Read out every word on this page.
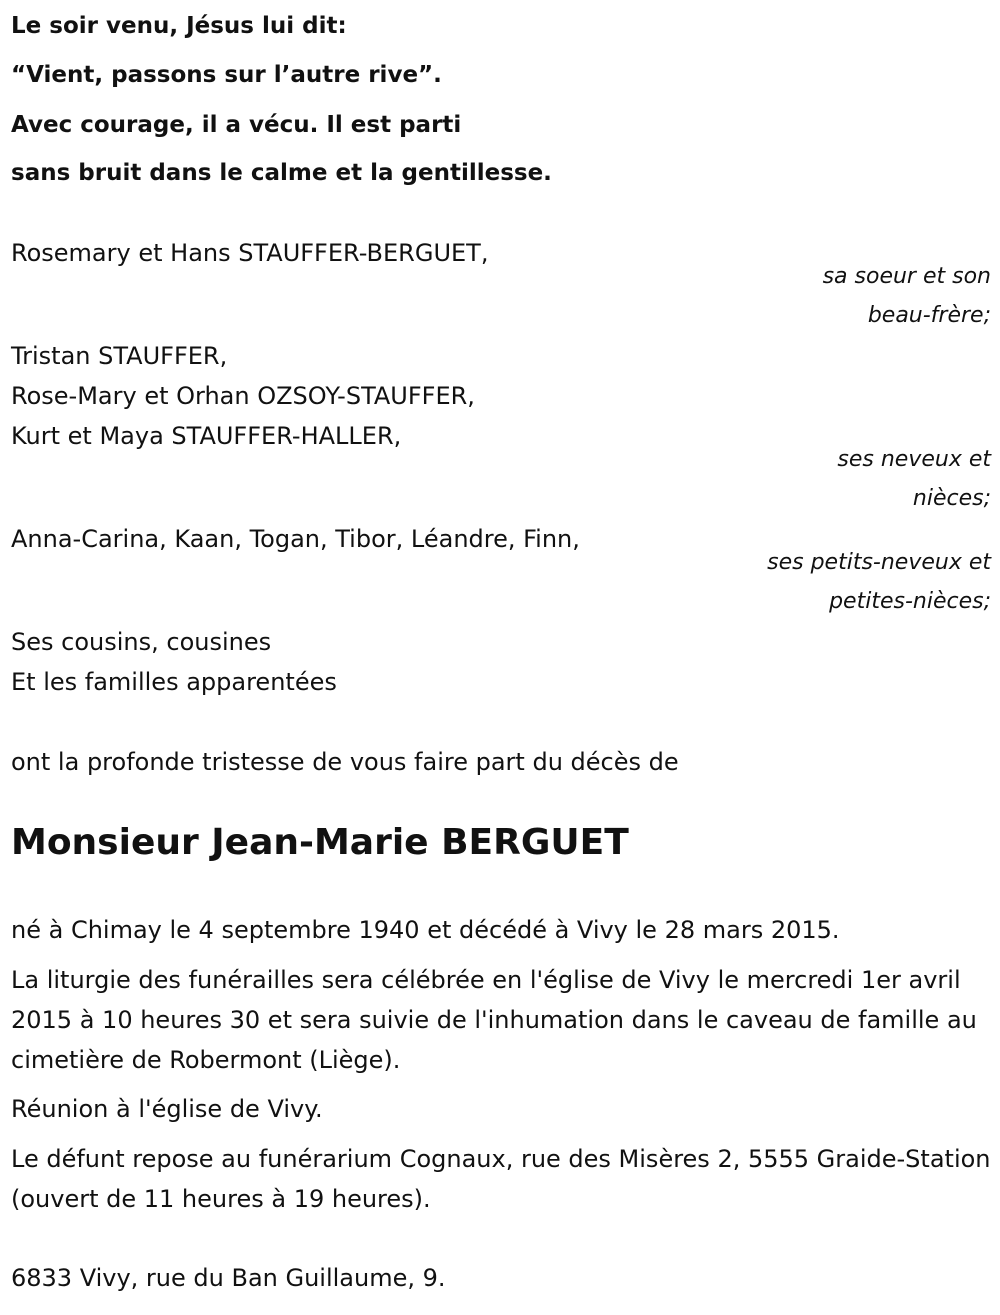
Le soir venu, Jésus lui dit:
“Vient, passons sur l’autre rive”.
Avec courage, il a vécu. Il est parti
sans bruit dans le calme et la gentillesse.
Rosemary et Hans STAUFFER-BERGUET,
sa soeur et son
beau-frère;
Tristan STAUFFER,
Rose-Mary et Orhan OZSOY-STAUFFER,
Kurt et Maya STAUFFER-HALLER,
ses neveux et
nièces;
Anna-Carina, Kaan, Togan, Tibor, Léandre, Finn,
ses petits-neveux et
petites-nièces;
Ses cousins, cousines
Et les familles apparentées
ont la profonde tristesse de vous faire part du décès de
Monsieur Jean-Marie BERGUET
né à Chimay le 4 septembre 1940 et décédé à Vivy le 28 mars 2015.
La liturgie des funérailles sera célébrée en l'église de Vivy le mercredi 1er avril 2015 à 10 heures 30 et sera suivie de l'inhumation dans le caveau de famille au cimetière de Robermont (Liège).
Réunion à l'église de Vivy.
Le défunt repose au funérarium Cognaux, rue des Misères 2, 5555 Graide-Station (ouvert de 11 heures à 19 heures).
6833 Vivy, rue du Ban Guillaume, 9.
